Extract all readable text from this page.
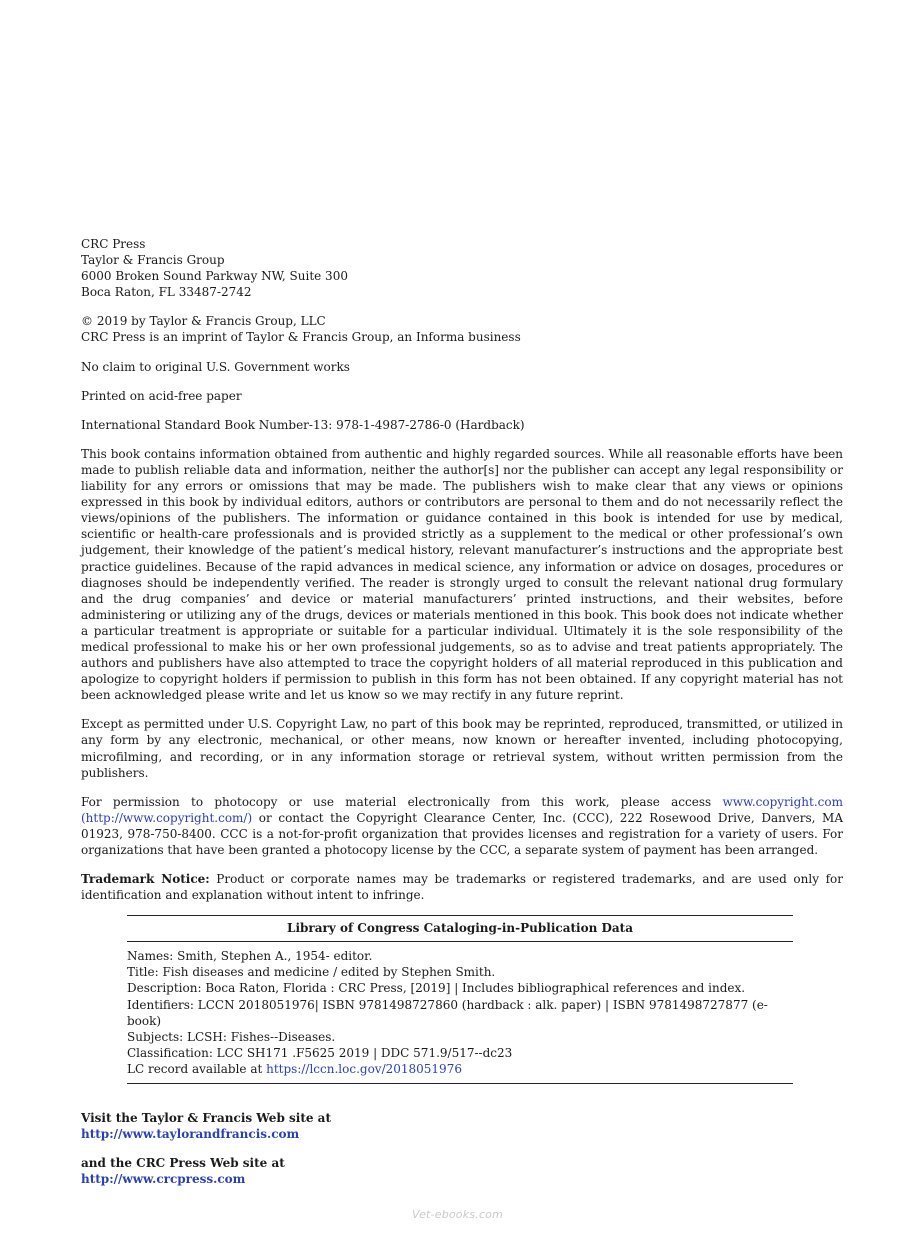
CRC Press
Taylor & Francis Group
6000 Broken Sound Parkway NW, Suite 300
Boca Raton, FL 33487-2742
© 2019 by Taylor & Francis Group, LLC
CRC Press is an imprint of Taylor & Francis Group, an Informa business

No claim to original U.S. Government works

Printed on acid-free paper

International Standard Book Number-13: 978-1-4987-2786-0 (Hardback)

This book contains information obtained from authentic and highly regarded sources. While all reasonable efforts have been made to publish reliable data and information, neither the author[s] nor the publisher can accept any legal responsibility or liability for any errors or omissions that may be made. The publishers wish to make clear that any views or opinions expressed in this book by individual editors, authors or contributors are personal to them and do not necessarily reflect the views/opinions of the publishers. The information or guidance contained in this book is intended for use by medical, scientific or health-care professionals and is provided strictly as a supplement to the medical or other professional’s own judgement, their knowledge of the patient’s medical history, relevant manufacturer’s instructions and the appropriate best practice guidelines. Because of the rapid advances in medical science, any information or advice on dosages, procedures or diagnoses should be independently verified. The reader is strongly urged to consult the relevant national drug formulary and the drug companies’ and device or material manufacturers’ printed instructions, and their websites, before administering or utilizing any of the drugs, devices or materials mentioned in this book. This book does not indicate whether a particular treatment is appropriate or suitable for a particular individual. Ultimately it is the sole responsibility of the medical professional to make his or her own professional judgements, so as to advise and treat patients appropriately. The authors and publishers have also attempted to trace the copyright holders of all material reproduced in this publication and apologize to copyright holders if permission to publish in this form has not been obtained. If any copyright material has not been acknowledged please write and let us know so we may rectify in any future reprint.

Except as permitted under U.S. Copyright Law, no part of this book may be reprinted, reproduced, transmitted, or utilized in any form by any electronic, mechanical, or other means, now known or hereafter invented, including photocopying, microfilming, and recording, or in any information storage or retrieval system, without written permission from the publishers.

For permission to photocopy or use material electronically from this work, please access www.copyright.com (http://www.copyright.com/) or contact the Copyright Clearance Center, Inc. (CCC), 222 Rosewood Drive, Danvers, MA 01923, 978-750-8400. CCC is a not-for-profit organization that provides licenses and registration for a variety of users. For organizations that have been granted a photocopy license by the CCC, a separate system of payment has been arranged.

Trademark Notice: Product or corporate names may be trademarks or registered trademarks, and are used only for identification and explanation without intent to infringe.

Library of Congress Cataloging-in-Publication Data
Names: Smith, Stephen A., 1954- editor.
Title: Fish diseases and medicine / edited by Stephen Smith.
Description: Boca Raton, Florida : CRC Press, [2019] | Includes bibliographical references and index.
Identifiers: LCCN 2018051976| ISBN 9781498727860 (hardback : alk. paper) | ISBN 9781498727877 (e-book)
Subjects: LCSH: Fishes--Diseases.
Classification: LCC SH171 .F5625 2019 | DDC 571.9/517--dc23
LC record available at https://lccn.loc.gov/2018051976
Visit the Taylor & Francis Web site at
http://www.taylorandfrancis.com
and the CRC Press Web site at
http://www.crcpress.com
Vet-ebooks.com
